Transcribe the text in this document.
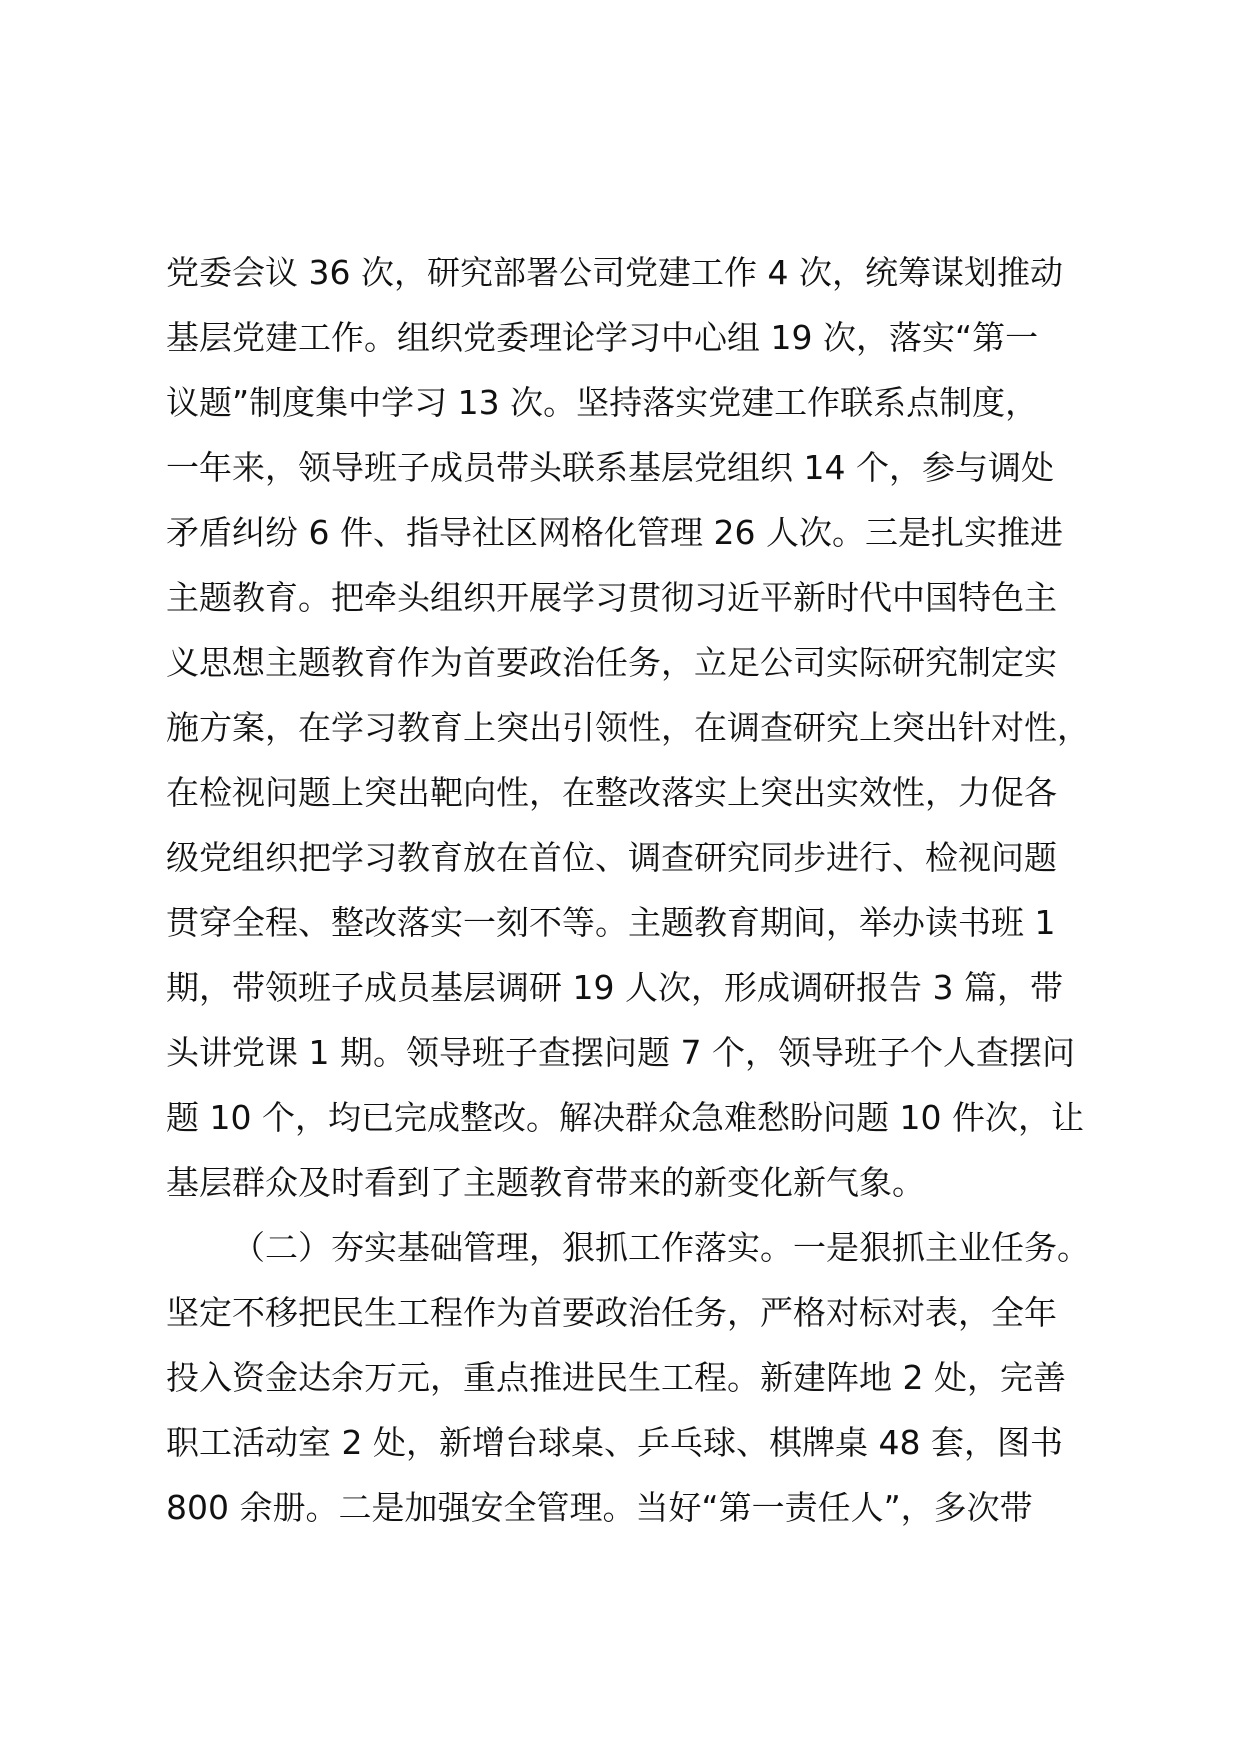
党委会议 36 次，研究部署公司党建工作 4 次，统筹谋划推动
基层党建工作。组织党委理论学习中心组 19 次，落实“第一
议题”制度集中学习 13 次。坚持落实党建工作联系点制度，
一年来，领导班子成员带头联系基层党组织 14 个，参与调处
矛盾纠纷 6 件、指导社区网格化管理 26 人次。三是扎实推进
主题教育。把牵头组织开展学习贯彻习近平新时代中国特色主
义思想主题教育作为首要政治任务，立足公司实际研究制定实
施方案，在学习教育上突出引领性，在调查研究上突出针对性，
在检视问题上突出靶向性，在整改落实上突出实效性，力促各
级党组织把学习教育放在首位、调查研究同步进行、检视问题
贯穿全程、整改落实一刻不等。主题教育期间，举办读书班 1
期，带领班子成员基层调研 19 人次，形成调研报告 3 篇，带
头讲党课 1 期。领导班子查摆问题 7 个，领导班子个人查摆问
题 10 个，均已完成整改。解决群众急难愁盼问题 10 件次，让
基层群众及时看到了主题教育带来的新变化新气象。
（二）夯实基础管理，狠抓工作落实。一是狠抓主业任务。
坚定不移把民生工程作为首要政治任务，严格对标对表，全年
投入资金达余万元，重点推进民生工程。新建阵地 2 处，完善
职工活动室 2 处，新增台球桌、乒乓球、棋牌桌 48 套，图书
800 余册。二是加强安全管理。当好“第一责任人”，多次带
